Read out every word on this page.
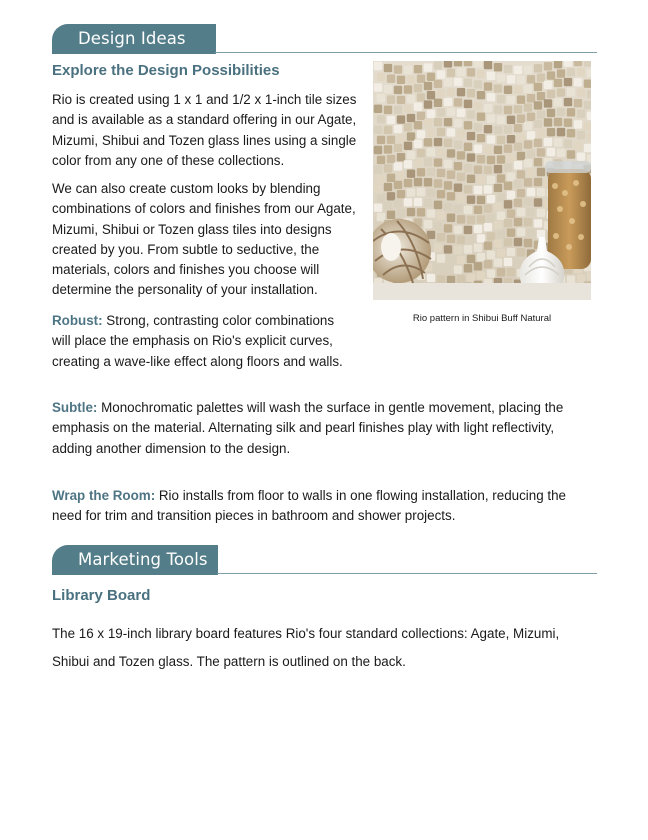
Design Ideas
Explore the Design Possibilities
Rio is created using 1 x 1 and 1/2 x 1-inch tile sizes and is available as a standard offering in our Agate, Mizumi, Shibui and Tozen glass lines using a single color from any one of these collections.
We can also create custom looks by blending combinations of colors and finishes from our Agate, Mizumi, Shibui or Tozen glass tiles into designs created by you. From subtle to seductive, the materials, colors and finishes you choose will determine the personality of your installation.
Robust: Strong, contrasting color combinations will place the emphasis on Rio's explicit curves, creating a wave-like effect along floors and walls.
Subtle: Monochromatic palettes will wash the surface in gentle movement, placing the emphasis on the material. Alternating silk and pearl finishes play with light reflectivity, adding another dimension to the design.
Wrap the Room: Rio installs from floor to walls in one flowing installation, reducing the need for trim and transition pieces in bathroom and shower projects.
Rio pattern in Shibui Buff Natural
Marketing Tools
Library Board
The 16 x 19-inch library board features Rio's four standard collections: Agate, Mizumi, Shibui and Tozen glass. The pattern is outlined on the back.
